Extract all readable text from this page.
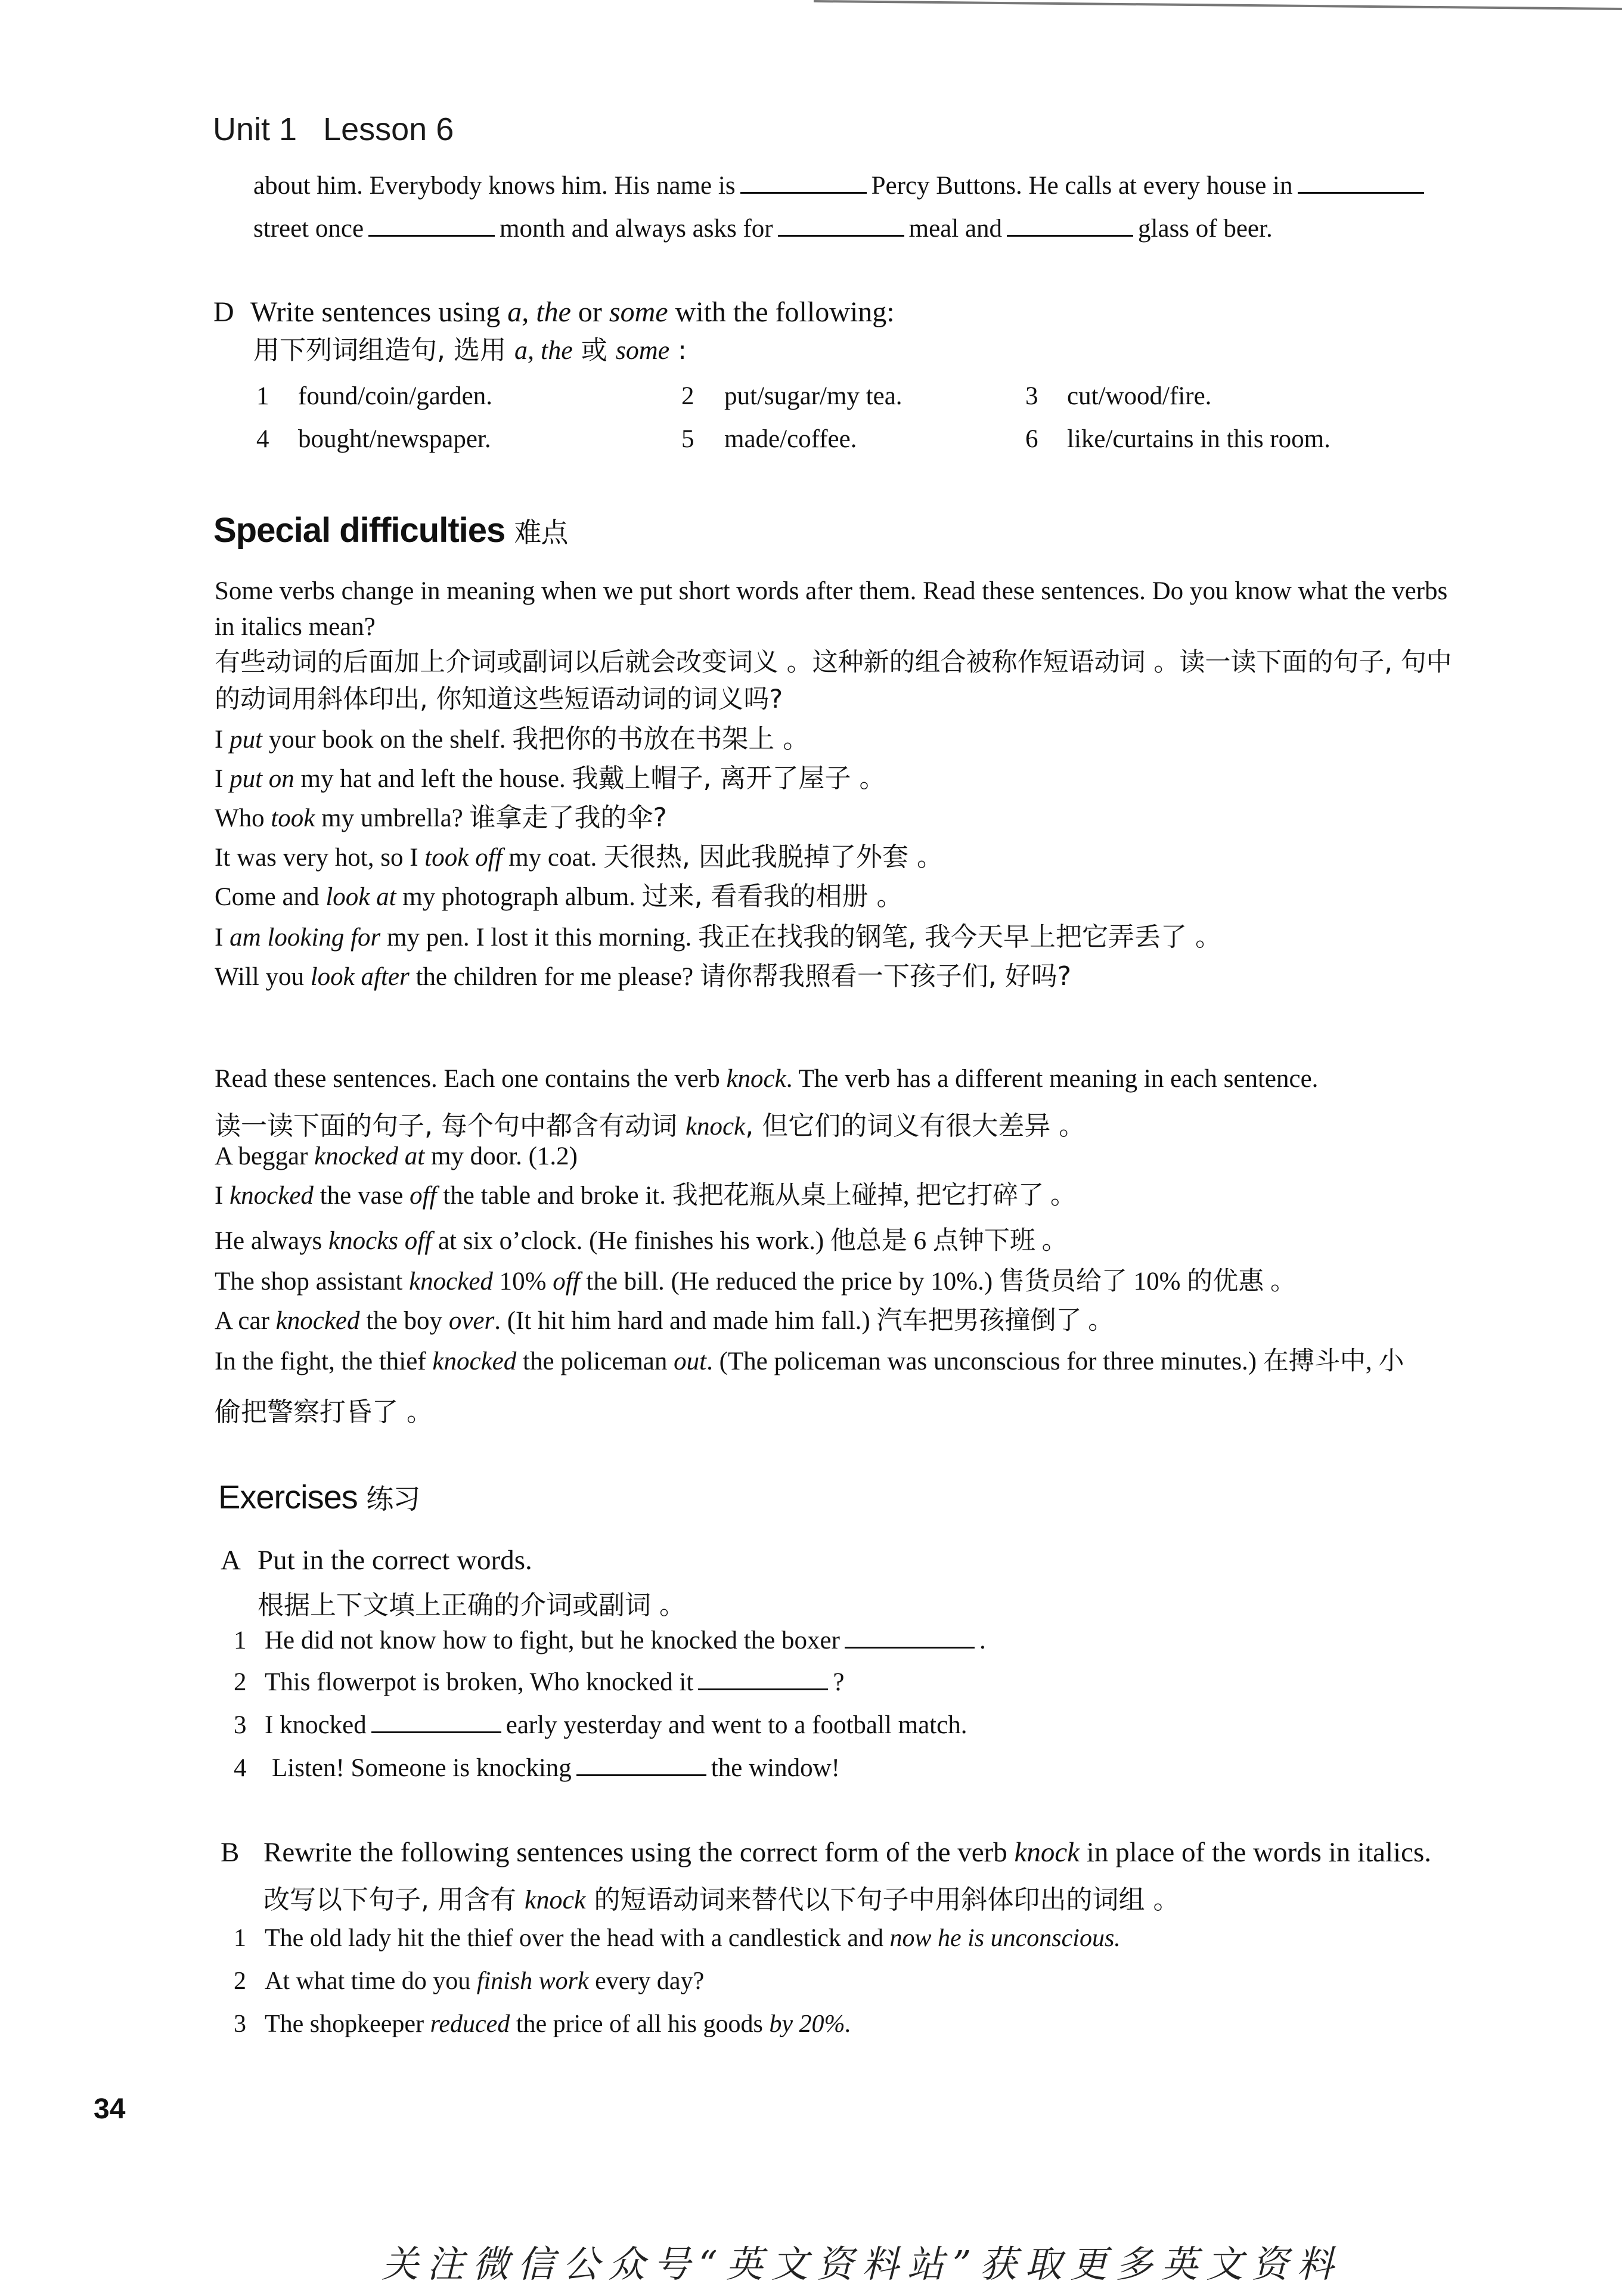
Unit 1 Lesson 6
about him. Everybody knows him. His name is	Percy Buttons. He calls at every house in
street once	month and always asks for	meal and	glass of beer.
D Write sentences using a, the or some with the following:
用下列词组造句, 选用 a, the 或 some :
1 found/coin/garden.	2 put/sugar/my tea.	3 cut/wood/fire.
4 bought/newspaper.	5 made/coffee.	6 like/curtains in this room.
Special difficulties 难点
Some verbs change in meaning when we put short words after them. Read these sentences. Do you know what the verbs
in italics mean?
有些动词的后面加上介词或副词以后就会改变词义 。这种新的组合被称作短语动词 。读一读下面的句子, 句中
的动词用斜体印出, 你知道这些短语动词的词义吗?
I put your book on the shelf. 我把你的书放在书架上 。
I put on my hat and left the house. 我戴上帽子, 离开了屋子 。
Who took my umbrella? 谁拿走了我的伞?
It was very hot, so I took off my coat. 天很热, 因此我脱掉了外套 。
Come and look at my photograph album. 过来, 看看我的相册 。
I am looking for my pen. I lost it this morning. 我正在找我的钢笔, 我今天早上把它弄丢了 。
Will you look after the children for me please? 请你帮我照看一下孩子们, 好吗?
Read these sentences. Each one contains the verb knock. The verb has a different meaning in each sentence.
读一读下面的句子, 每个句中都含有动词 knock, 但它们的词义有很大差异 。
A beggar knocked at my door. (1.2)
I knocked the vase off the table and broke it. 我把花瓶从桌上碰掉, 把它打碎了 。
He always knocks off at six o’clock. (He finishes his work.) 他总是 6 点钟下班 。
The shop assistant knocked 10% off the bill. (He reduced the price by 10%.) 售货员给了 10% 的优惠 。
A car knocked the boy over. (It hit him hard and made him fall.) 汽车把男孩撞倒了 。
In the fight, the thief knocked the policeman out. (The policeman was unconscious for three minutes.) 在搏斗中, 小
偷把警察打昏了 。
Exercises 练习
A Put in the correct words.
根据上下文填上正确的介词或副词 。
1 He did not know how to fight, but he knocked the boxer	.
2 This flowerpot is broken, Who knocked it	?
3 I knocked	early yesterday and went to a football match.
4 Listen! Someone is knocking	the window!
B Rewrite the following sentences using the correct form of the verb knock in place of the words in italics.
改写以下句子, 用含有 knock 的短语动词来替代以下句子中用斜体印出的词组 。
1 The old lady hit the thief over the head with a candlestick and now he is unconscious.
2 At what time do you finish work every day?
3 The shopkeeper reduced the price of all his goods by 20%.
34
关注微信公众号“英文资料站”获取更多英文资料
